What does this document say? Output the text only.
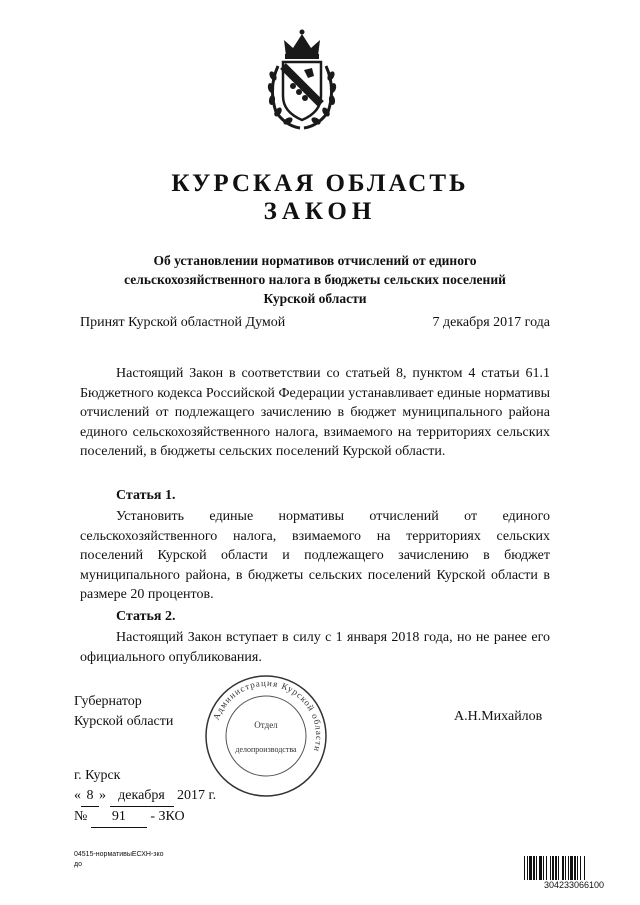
КУРСКАЯ ОБЛАСТЬ
ЗАКОН
Об установлении нормативов отчислений от единого сельскохозяйственного налога в бюджеты сельских поселений Курской области
Принят Курской областной Думой	7 декабря 2017 года
Настоящий Закон в соответствии со статьей 8, пунктом 4 статьи 61.1 Бюджетного кодекса Российской Федерации устанавливает единые нормативы отчислений от подлежащего зачислению в бюджет муниципального района единого сельскохозяйственного налога, взимаемого на территориях сельских поселений, в бюджеты сельских поселений Курской области.
Статья 1.
Установить единые нормативы отчислений от единого сельскохозяйственного налога, взимаемого на территориях сельских поселений Курской области и подлежащего зачислению в бюджет муниципального района, в бюджеты сельских поселений Курской области в размере 20 процентов.
Статья 2.
Настоящий Закон вступает в силу с 1 января 2018 года, но не ранее его официального опубликования.
Губернатор
Курской области	А.Н.Михайлов
Администрация Курской области
Отдел
делопроизводства
г. Курск
« 8 » декабря 2017 г.
№ 91 - ЗКО
04515-нормативыЕСХН-зко
до
304233066100
